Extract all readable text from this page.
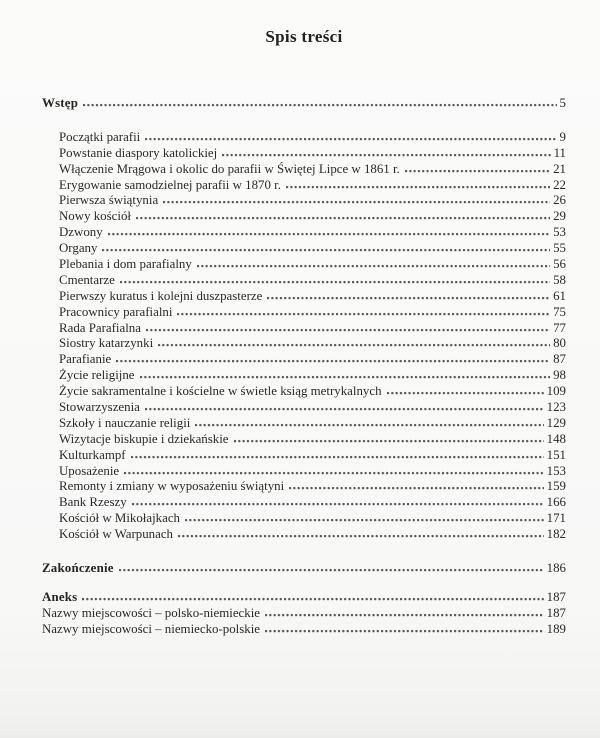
Spis treści
Wstęp	5
Początki parafii	9
Powstanie diaspory katolickiej	11
Włączenie Mrągowa i okolic do parafii w Świętej Lipce w 1861 r.	21
Erygowanie samodzielnej parafii w 1870 r.	22
Pierwsza świątynia	26
Nowy kościół	29
Dzwony	53
Organy	55
Plebania i dom parafialny	56
Cmentarze	58
Pierwszy kuratus i kolejni duszpasterze	61
Pracownicy parafialni	75
Rada Parafialna	77
Siostry katarzynki	80
Parafianie	87
Życie religijne	98
Życie sakramentalne i kościelne w świetle ksiąg metrykalnych	109
Stowarzyszenia	123
Szkoły i nauczanie religii	129
Wizytacje biskupie i dziekańskie	148
Kulturkampf	151
Uposażenie	153
Remonty i zmiany w wyposażeniu świątyni	159
Bank Rzeszy	166
Kościół w Mikołajkach	171
Kościół w Warpunach	182
Zakończenie	186
Aneks	187
Nazwy miejscowości – polsko-niemieckie	187
Nazwy miejscowości – niemiecko-polskie	189
